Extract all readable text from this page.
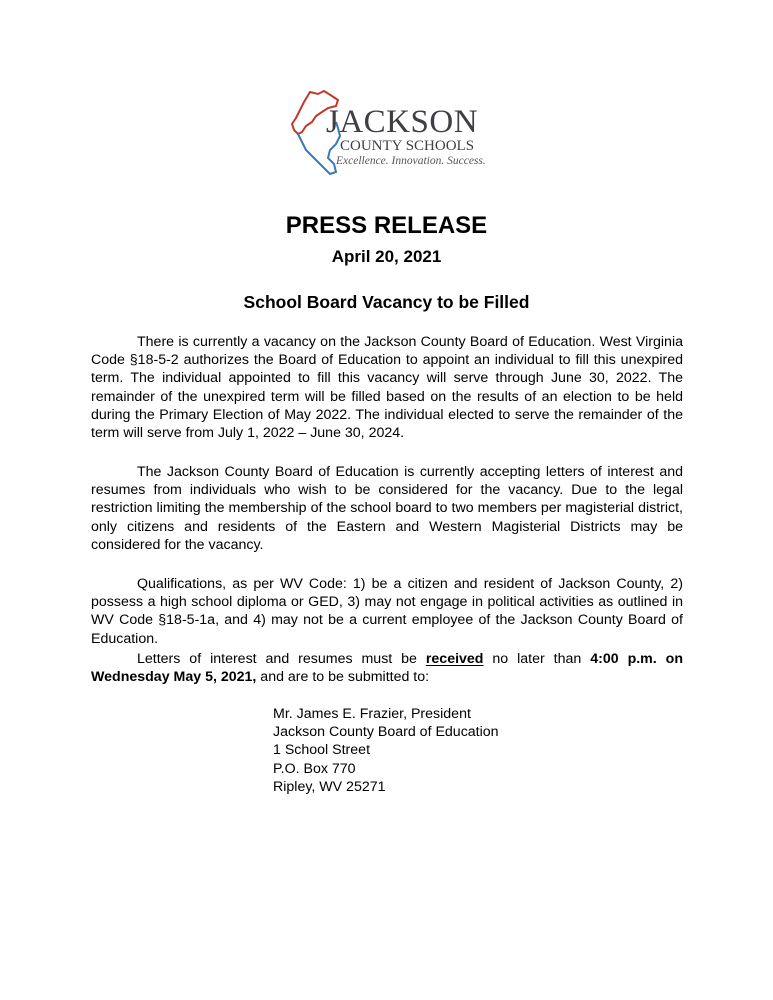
JACKSON
COUNTY SCHOOLS
Excellence. Innovation. Success.
PRESS RELEASE
April 20, 2021
School Board Vacancy to be Filled

There is currently a vacancy on the Jackson County Board of Education. West Virginia Code §18-5-2 authorizes the Board of Education to appoint an individual to fill this unexpired term. The individual appointed to fill this vacancy will serve through June 30, 2022. The remainder of the unexpired term will be filled based on the results of an election to be held during the Primary Election of May 2022. The individual elected to serve the remainder of the term will serve from July 1, 2022 – June 30, 2024.

The Jackson County Board of Education is currently accepting letters of interest and resumes from individuals who wish to be considered for the vacancy. Due to the legal restriction limiting the membership of the school board to two members per magisterial district, only citizens and residents of the Eastern and Western Magisterial Districts may be considered for the vacancy.

Qualifications, as per WV Code: 1) be a citizen and resident of Jackson County, 2) possess a high school diploma or GED, 3) may not engage in political activities as outlined in WV Code §18-5-1a, and 4) may not be a current employee of the Jackson County Board of Education.

Letters of interest and resumes must be received no later than 4:00 p.m. on Wednesday May 5, 2021, and are to be submitted to:

Mr. James E. Frazier, President
Jackson County Board of Education
1 School Street
P.O. Box 770
Ripley, WV 25271
